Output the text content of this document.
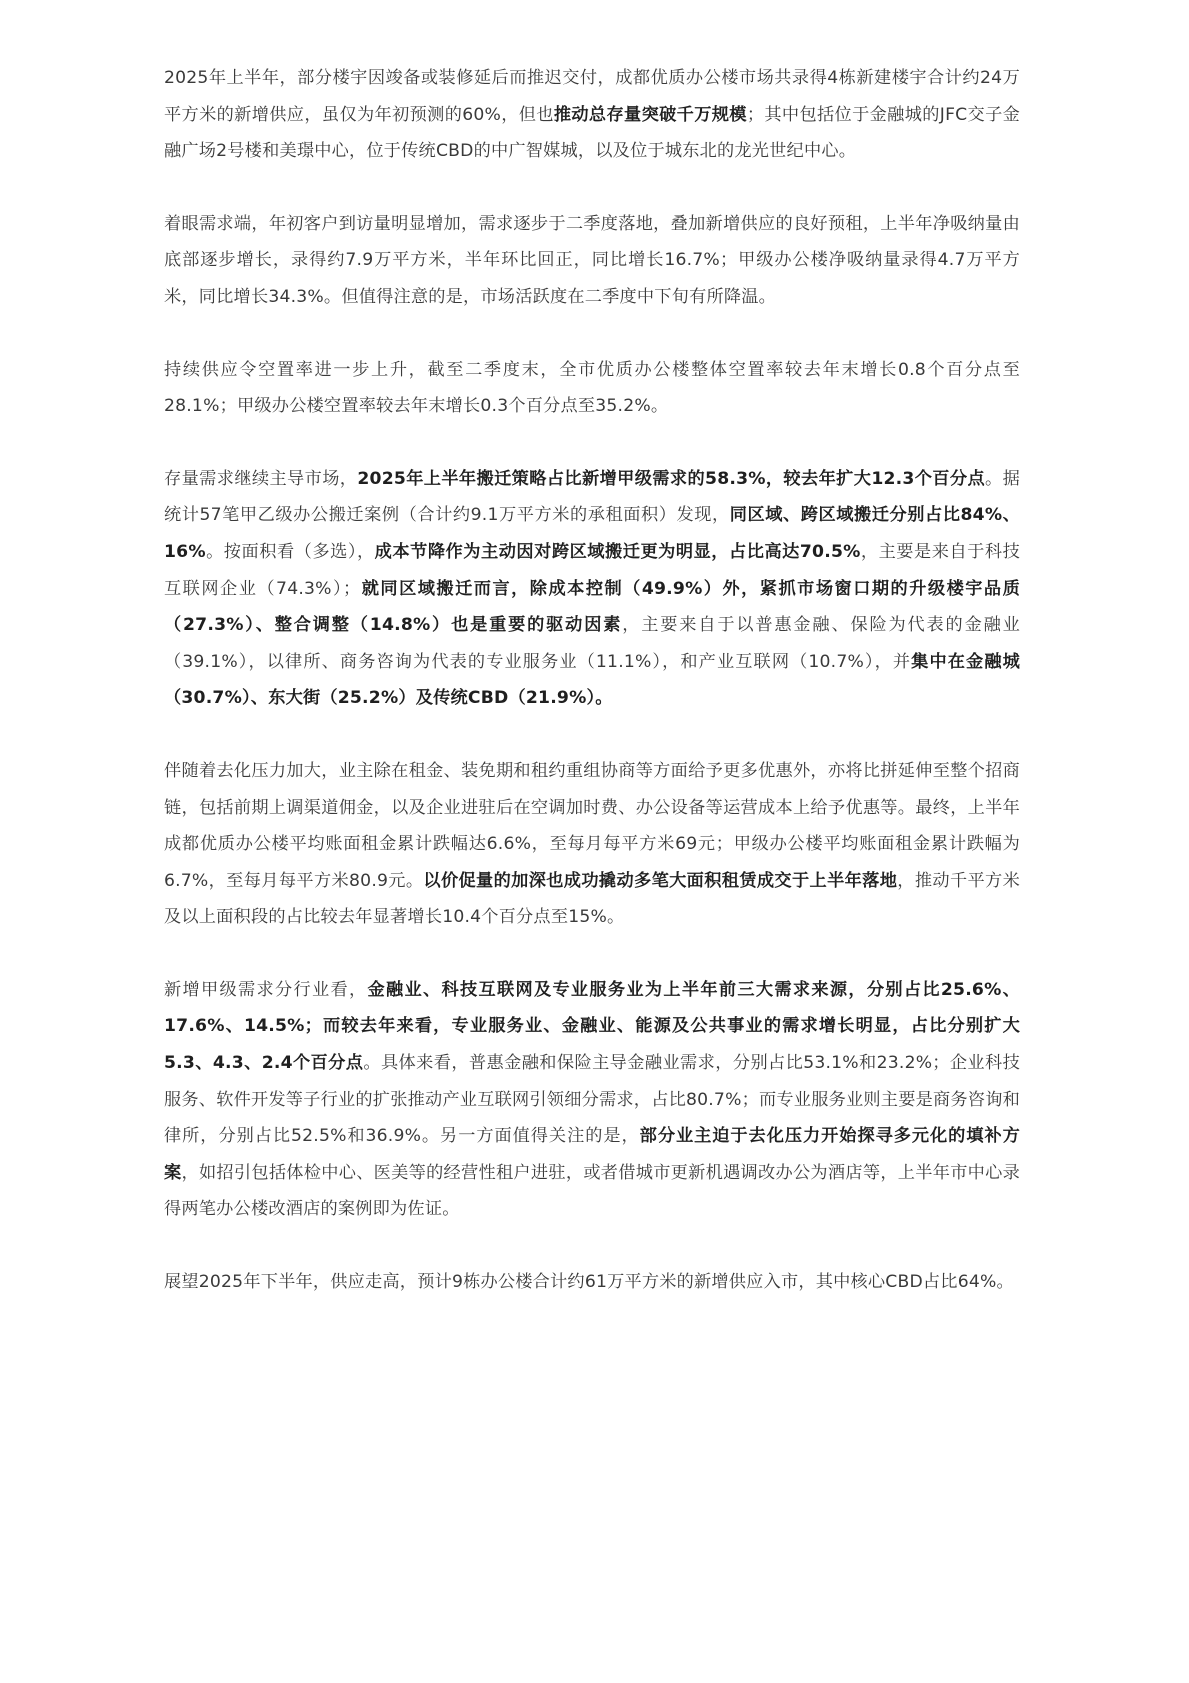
2025年上半年，部分楼宇因竣备或装修延后而推迟交付，成都优质办公楼市场共录得4栋新建楼宇合计约24万平方米的新增供应，虽仅为年初预测的60%，但也推动总存量突破千万规模；其中包括位于金融城的JFC交子金融广场2号楼和美璟中心，位于传统CBD的中广智媒城，以及位于城东北的龙光世纪中心。

着眼需求端，年初客户到访量明显增加，需求逐步于二季度落地，叠加新增供应的良好预租，上半年净吸纳量由底部逐步增长，录得约7.9万平方米，半年环比回正，同比增长16.7%；甲级办公楼净吸纳量录得4.7万平方米，同比增长34.3%。但值得注意的是，市场活跃度在二季度中下旬有所降温。

持续供应令空置率进一步上升，截至二季度末，全市优质办公楼整体空置率较去年末增长0.8个百分点至28.1%；甲级办公楼空置率较去年末增长0.3个百分点至35.2%。

存量需求继续主导市场，2025年上半年搬迁策略占比新增甲级需求的58.3%，较去年扩大12.3个百分点。据统计57笔甲乙级办公搬迁案例（合计约9.1万平方米的承租面积）发现，同区域、跨区域搬迁分别占比84%、16%。按面积看（多选），成本节降作为主动因对跨区域搬迁更为明显，占比高达70.5%，主要是来自于科技互联网企业（74.3%）；就同区域搬迁而言，除成本控制（49.9%）外，紧抓市场窗口期的升级楼宇品质（27.3%）、整合调整（14.8%）也是重要的驱动因素，主要来自于以普惠金融、保险为代表的金融业（39.1%），以律所、商务咨询为代表的专业服务业（11.1%），和产业互联网（10.7%），并集中在金融城（30.7%）、东大街（25.2%）及传统CBD（21.9%）。

伴随着去化压力加大，业主除在租金、装免期和租约重组协商等方面给予更多优惠外，亦将比拼延伸至整个招商链，包括前期上调渠道佣金，以及企业进驻后在空调加时费、办公设备等运营成本上给予优惠等。最终，上半年成都优质办公楼平均账面租金累计跌幅达6.6%，至每月每平方米69元；甲级办公楼平均账面租金累计跌幅为6.7%，至每月每平方米80.9元。以价促量的加深也成功撬动多笔大面积租赁成交于上半年落地，推动千平方米及以上面积段的占比较去年显著增长10.4个百分点至15%。

新增甲级需求分行业看，金融业、科技互联网及专业服务业为上半年前三大需求来源，分别占比25.6%、17.6%、14.5%；而较去年来看，专业服务业、金融业、能源及公共事业的需求增长明显，占比分别扩大5.3、4.3、2.4个百分点。具体来看，普惠金融和保险主导金融业需求，分别占比53.1%和23.2%；企业科技服务、软件开发等子行业的扩张推动产业互联网引领细分需求，占比80.7%；而专业服务业则主要是商务咨询和律所，分别占比52.5%和36.9%。另一方面值得关注的是，部分业主迫于去化压力开始探寻多元化的填补方案，如招引包括体检中心、医美等的经营性租户进驻，或者借城市更新机遇调改办公为酒店等，上半年市中心录得两笔办公楼改酒店的案例即为佐证。

展望2025年下半年，供应走高，预计9栋办公楼合计约61万平方米的新增供应入市，其中核心CBD占比64%。
